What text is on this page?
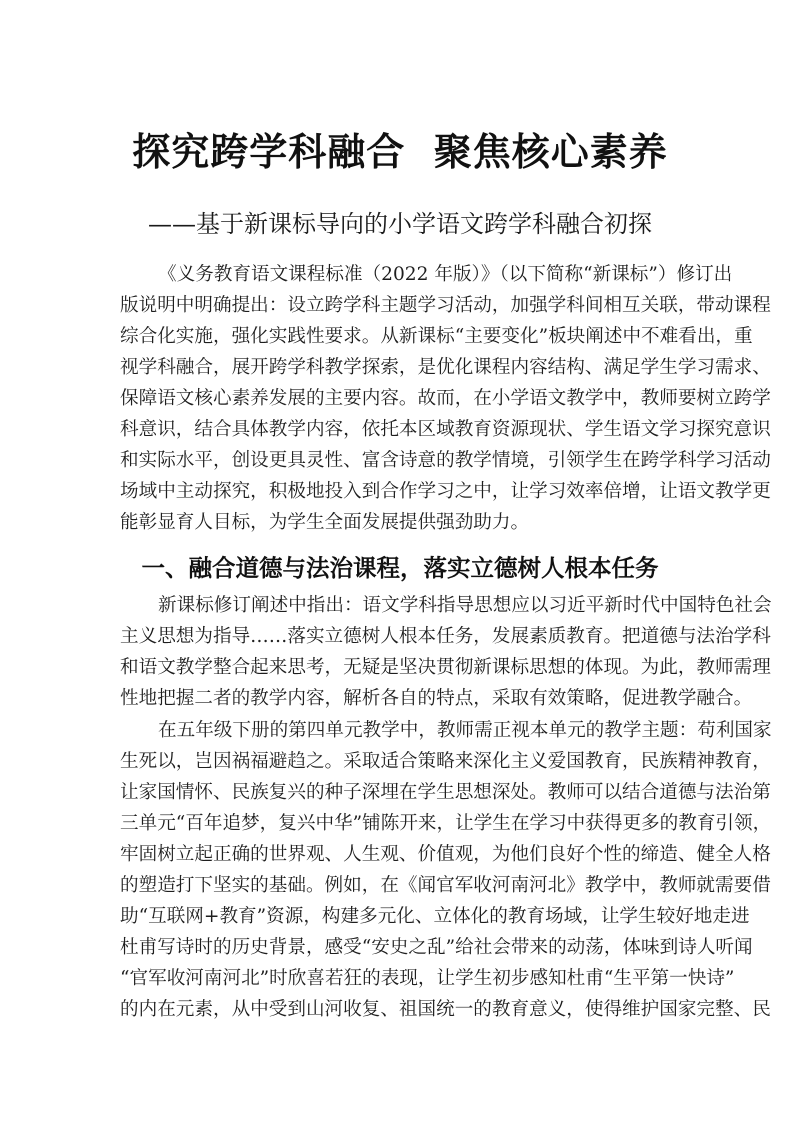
探究跨学科融合  聚焦核心素养
——基于新课标导向的小学语文跨学科融合初探
《义务教育语文课程标准（2022 年版）》（以下简称“新课标”）修订出
版说明中明确提出：设立跨学科主题学习活动，加强学科间相互关联，带动课程
综合化实施，强化实践性要求。从新课标“主要变化”板块阐述中不难看出，重
视学科融合，展开跨学科教学探索，是优化课程内容结构、满足学生学习需求、
保障语文核心素养发展的主要内容。故而，在小学语文教学中，教师要树立跨学
科意识，结合具体教学内容，依托本区域教育资源现状、学生语文学习探究意识
和实际水平，创设更具灵性、富含诗意的教学情境，引领学生在跨学科学习活动
场域中主动探究，积极地投入到合作学习之中，让学习效率倍增，让语文教学更
能彰显育人目标，为学生全面发展提供强劲助力。
一、融合道德与法治课程，落实立德树人根本任务
新课标修订阐述中指出：语文学科指导思想应以习近平新时代中国特色社会
主义思想为指导……落实立德树人根本任务，发展素质教育。把道德与法治学科
和语文教学整合起来思考，无疑是坚决贯彻新课标思想的体现。为此，教师需理
性地把握二者的教学内容，解析各自的特点，采取有效策略，促进教学融合。
在五年级下册的第四单元教学中，教师需正视本单元的教学主题：苟利国家
生死以，岂因祸福避趋之。采取适合策略来深化主义爱国教育，民族精神教育，
让家国情怀、民族复兴的种子深埋在学生思想深处。教师可以结合道德与法治第
三单元“百年追梦，复兴中华”铺陈开来，让学生在学习中获得更多的教育引领，
牢固树立起正确的世界观、人生观、价值观，为他们良好个性的缔造、健全人格
的塑造打下坚实的基础。例如，在《闻官军收河南河北》教学中，教师就需要借
助“互联网+教育”资源，构建多元化、立体化的教育场域，让学生较好地走进
杜甫写诗时的历史背景，感受“安史之乱”给社会带来的动荡，体味到诗人听闻
“官军收河南河北”时欣喜若狂的表现，让学生初步感知杜甫“生平第一快诗”
的内在元素，从中受到山河收复、祖国统一的教育意义，使得维护国家完整、民
